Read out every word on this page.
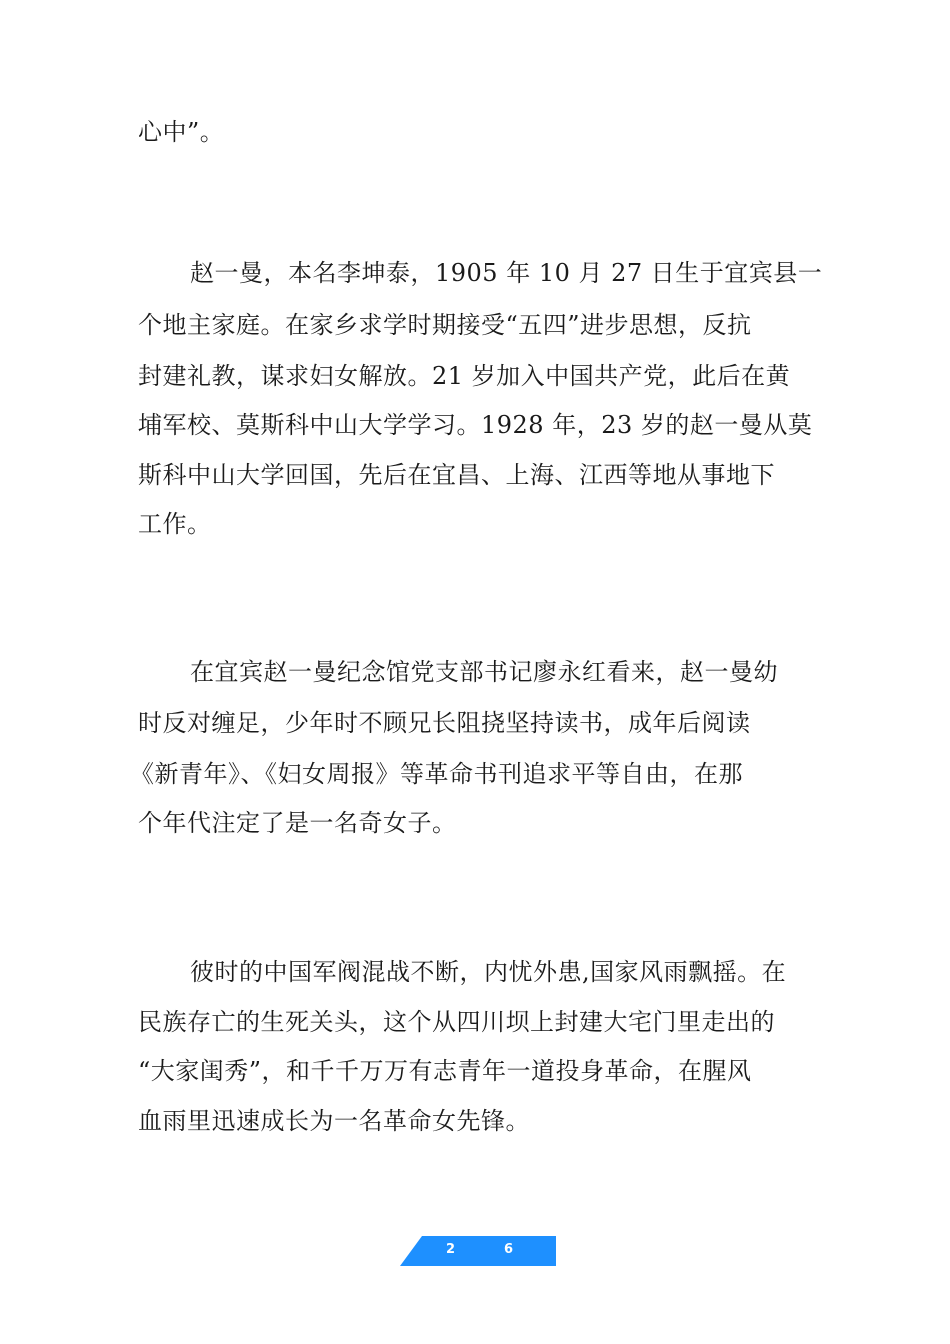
心中”。
赵一曼，本名李坤泰，1905 年 10 月 27 日生于宜宾县一
个地主家庭。在家乡求学时期接受“五四”进步思想，反抗
封建礼教，谋求妇女解放。21 岁加入中国共产党，此后在黄
埔军校、莫斯科中山大学学习。1928 年，23 岁的赵一曼从莫
斯科中山大学回国，先后在宜昌、上海、江西等地从事地下
工作。
在宜宾赵一曼纪念馆党支部书记廖永红看来，赵一曼幼
时反对缠足，少年时不顾兄长阻挠坚持读书，成年后阅读
《新青年》、《妇女周报》等革命书刊追求平等自由，在那
个年代注定了是一名奇女子。
彼时的中国军阀混战不断，内忧外患,国家风雨飘摇。在
民族存亡的生死关头，这个从四川坝上封建大宅门里走出的
“大家闺秀”，和千千万万有志青年一道投身革命，在腥风
血雨里迅速成长为一名革命女先锋。
2	6
